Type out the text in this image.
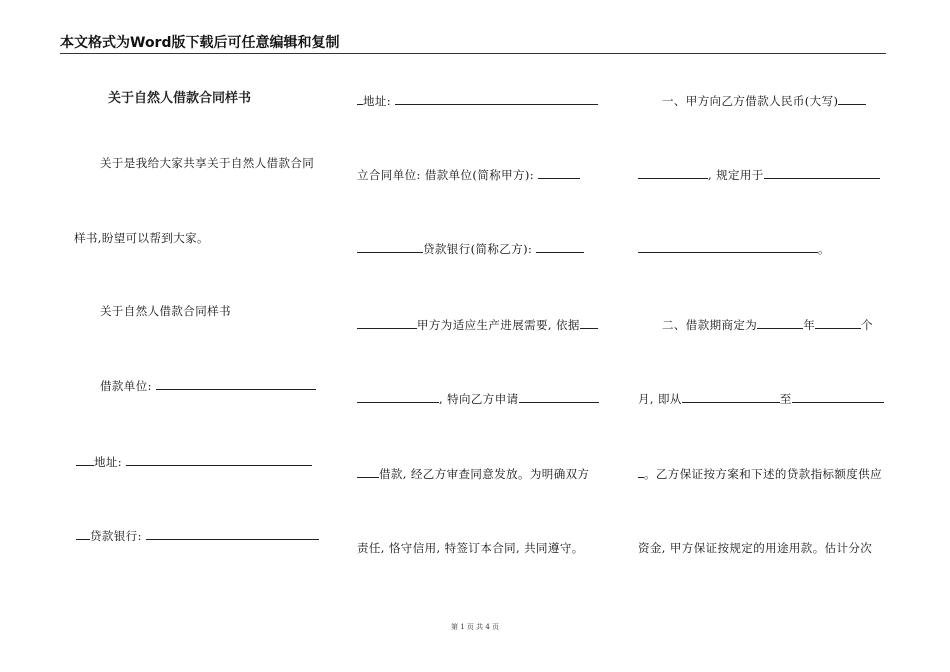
本文格式为Word版下载后可任意编辑和复制
关于自然人借款合同样书
关于是我给大家共享关于自然人借款合同
样书,盼望可以帮到大家。
关于自然人借款合同样书
借款单位:
地址:
贷款银行:
地址:
立合同单位: 借款单位(简称甲方):
贷款银行(简称乙方):
甲方为适应生产进展需要, 依据
, 特向乙方申请
借款, 经乙方审查同意发放。为明确双方
责任, 恪守信用, 特签订本合同, 共同遵守。
一、甲方向乙方借款人民币(大写)
, 规定用于
。
二、借款期商定为	年	个
月, 即从	至
。乙方保证按方案和下述的贷款指标额度供应
资金, 甲方保证按规定的用途用款。估计分次
第 1 页 共 4 页
